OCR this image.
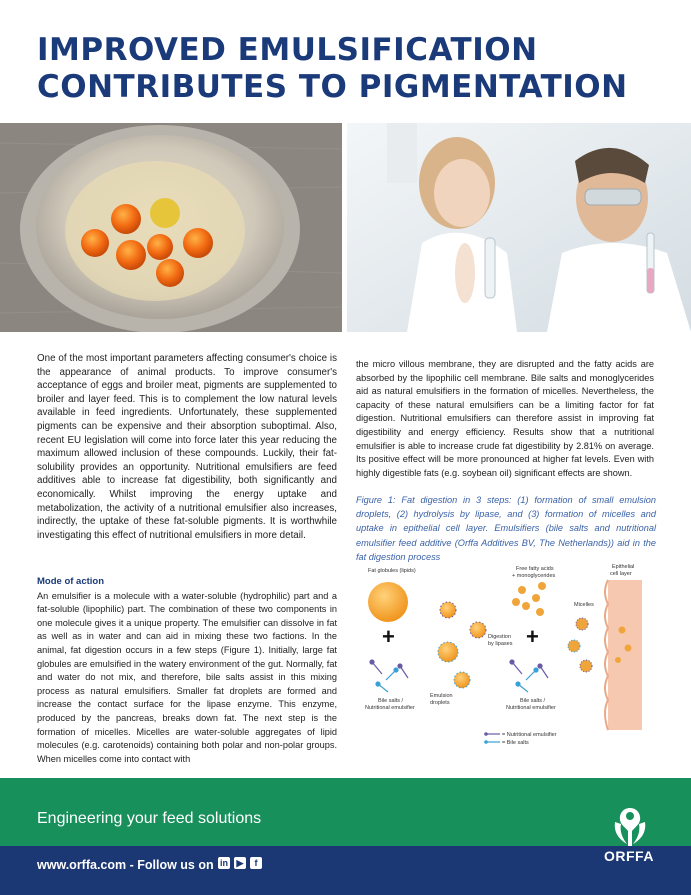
IMPROVED EMULSIFICATION
CONTRIBUTES TO PIGMENTATION

One of the most important parameters affecting consumer's choice is the appearance of animal products. To improve consumer's acceptance of eggs and broiler meat, pigments are supplemented to broiler and layer feed. This is to complement the low natural levels available in feed ingredients. Unfortunately, these supplemented pigments can be expensive and their absorption suboptimal. Also, recent EU legislation will come into force later this year reducing the maximum allowed inclusion of these compounds. Luckily, their fat-solubility provides an opportunity. Nutritional emulsifiers are feed additives able to increase fat digestibility, both significantly and economically. Whilst improving the energy uptake and metabolization, the activity of a nutritional emulsifier also increases, indirectly, the uptake of these fat-soluble pigments. It is worthwhile investigating this effect of nutritional emulsifiers in more detail.

Mode of action

An emulsifier is a molecule with a water-soluble (hydrophilic) part and a fat-soluble (lipophilic) part. The combination of these two components in one molecule gives it a unique property. The emulsifier can dissolve in fat as well as in water and can aid in mixing these two factions. In the animal, fat digestion occurs in a few steps (Figure 1). Initially, large fat globules are emulsified in the watery environment of the gut. Normally, fat and water do not mix, and therefore, bile salts assist in this mixing process as natural emulsifiers. Smaller fat droplets are formed and increase the contact surface for the lipase enzyme. This enzyme, produced by the pancreas, breaks down fat. The next step is the formation of micelles. Micelles are water-soluble aggregates of lipid molecules (e.g. carotenoids) containing both polar and non-polar groups. When micelles come into contact with

the micro villous membrane, they are disrupted and the fatty acids are absorbed by the lipophilic cell membrane. Bile salts and monoglycerides aid as natural emulsifiers in the formation of micelles. Nevertheless, the capacity of these natural emulsifiers can be a limiting factor for fat digestion. Nutritional emulsifiers can therefore assist in improving fat digestibility and energy efficiency. Results show that a nutritional emulsifier is able to increase crude fat digestibility by 2.81% on average. Its positive effect will be more pronounced at higher fat levels. Even with highly digestible fats (e.g. soybean oil) significant effects are shown.

Figure 1: Fat digestion in 3 steps: (1) formation of small emulsion droplets, (2) hydrolysis by lipase, and (3) formation of micelles and uptake in epithelial cell layer. Emulsifiers (bile salts and nutritional emulsifier feed additive (Orffa Additives BV, The Netherlands)) aid in the fat digestion process

Fat globules (lipids)
+
Bile salts /
Nutritional emulsifier
Emulsion
droplets
Digestion
by lipases
Free fatty acids
+ monoglycerides
+
Bile salts /
Nutritional emulsifier
Micelles
Epithelial
cell layer
= Nutritional emulsifier
= Bile salts
Engineering your feed solutions
www.orffa.com - Follow us on in ▶	f	ORFFA
